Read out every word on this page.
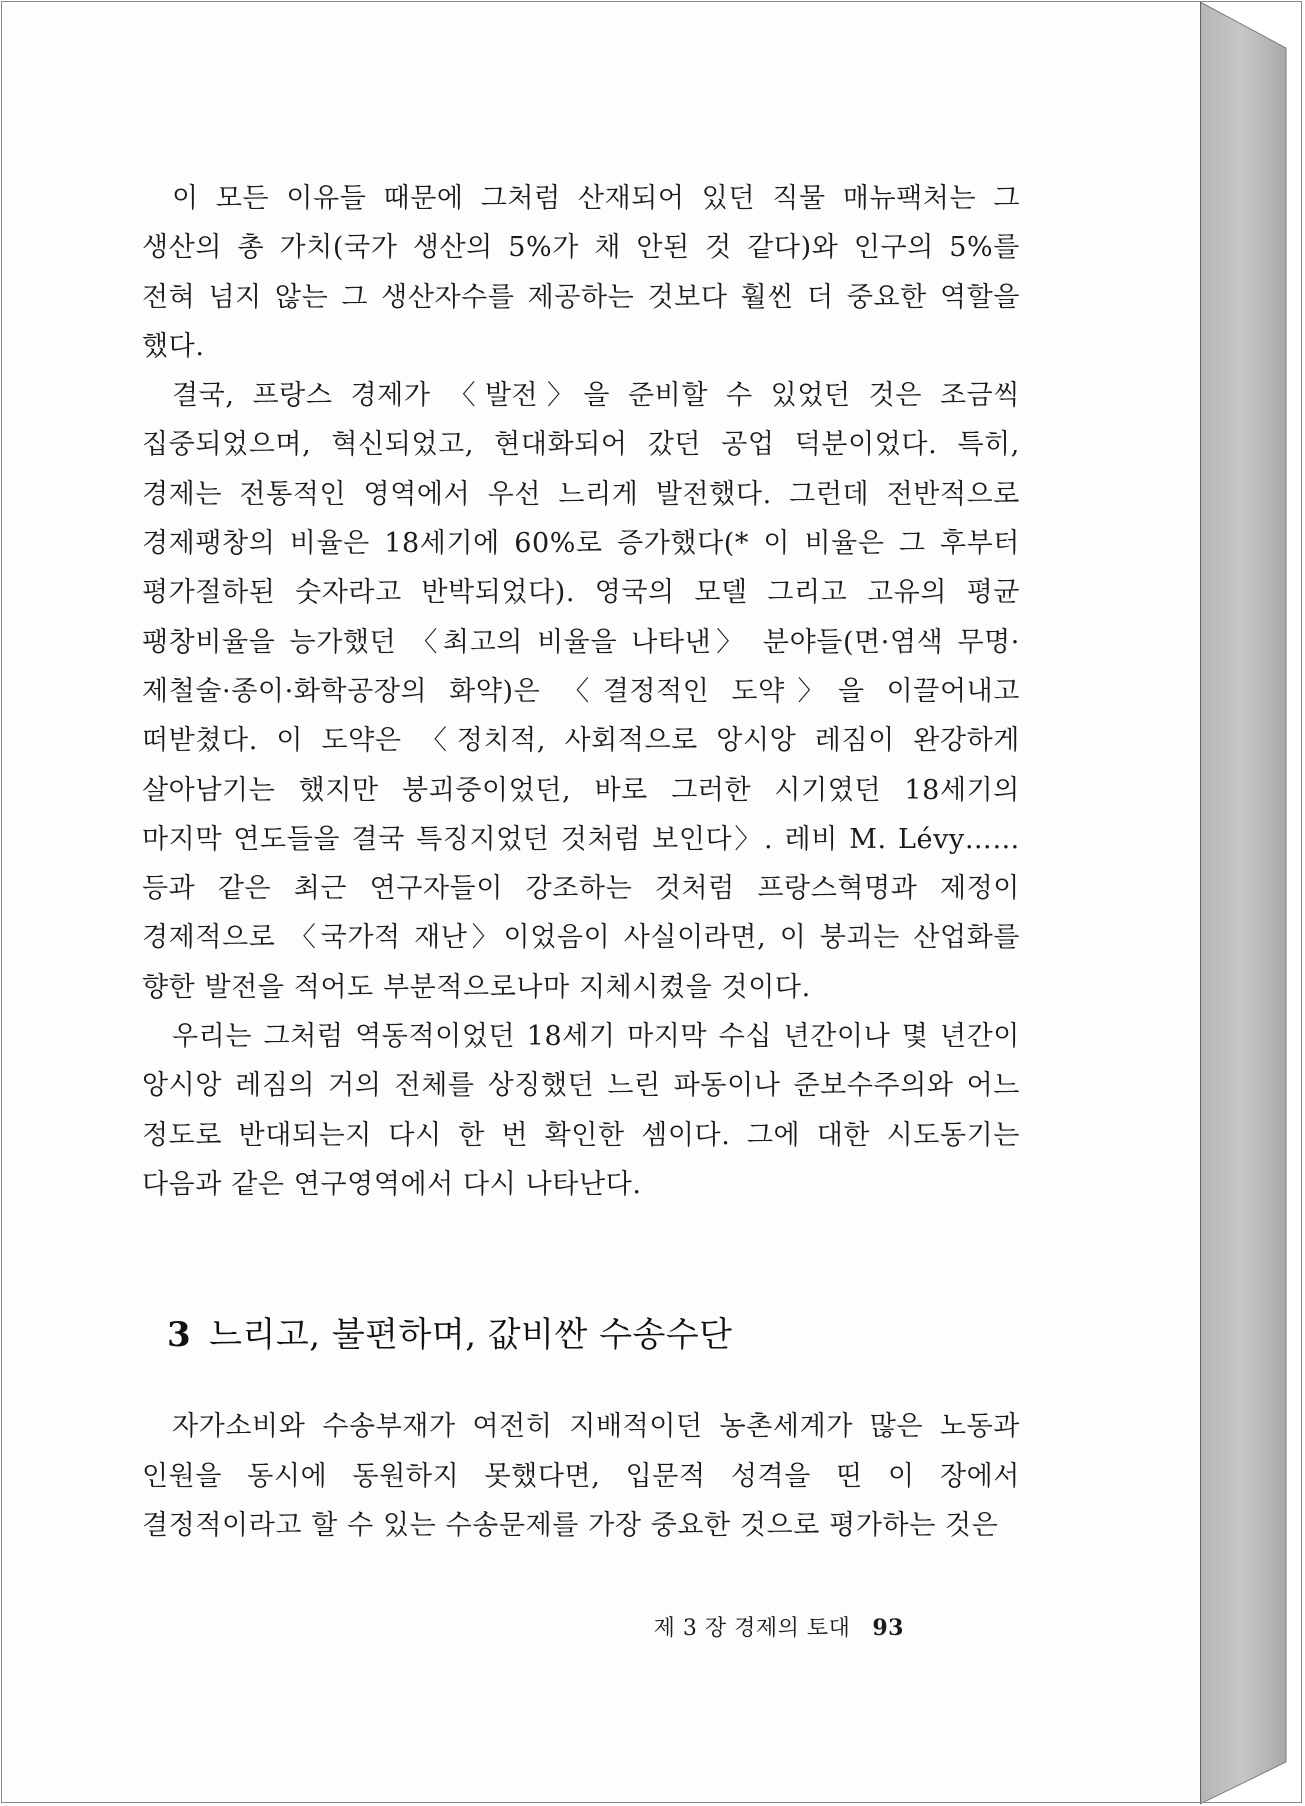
이 모든 이유들 때문에 그처럼 산재되어 있던 직물 매뉴팩처는 그 생산의 총 가치(국가 생산의 5%가 채 안된 것 같다)와 인구의 5%를 전혀 넘지 않는 그 생산자수를 제공하는 것보다 훨씬 더 중요한 역할을 했다.

결국, 프랑스 경제가 〈발전〉을 준비할 수 있었던 것은 조금씩 집중되었으며, 혁신되었고, 현대화되어 갔던 공업 덕분이었다. 특히, 경제는 전통적인 영역에서 우선 느리게 발전했다. 그런데 전반적으로 경제팽창의 비율은 18세기에 60%로 증가했다(* 이 비율은 그 후부터 평가절하된 숫자라고 반박되었다). 영국의 모델 그리고 고유의 평균 팽창비율을 능가했던 〈최고의 비율을 나타낸〉 분야들(면·염색 무명·제철술·종이·화학공장의 화약)은 〈결정적인 도약〉을 이끌어내고 떠받쳤다. 이 도약은 〈정치적, 사회적으로 앙시앙 레짐이 완강하게 살아남기는 했지만 붕괴중이었던, 바로 그러한 시기였던 18세기의 마지막 연도들을 결국 특징지었던 것처럼 보인다〉. 레비 M. Lévy…… 등과 같은 최근 연구자들이 강조하는 것처럼 프랑스혁명과 제정이 경제적으로 〈국가적 재난〉이었음이 사실이라면, 이 붕괴는 산업화를 향한 발전을 적어도 부분적으로나마 지체시켰을 것이다.

우리는 그처럼 역동적이었던 18세기 마지막 수십 년간이나 몇 년간이 앙시앙 레짐의 거의 전체를 상징했던 느린 파동이나 준보수주의와 어느 정도로 반대되는지 다시 한 번 확인한 셈이다. 그에 대한 시도동기는 다음과 같은 연구영역에서 다시 나타난다.

3 느리고, 불편하며, 값비싼 수송수단

자가소비와 수송부재가 여전히 지배적이던 농촌세계가 많은 노동과 인원을 동시에 동원하지 못했다면, 입문적 성격을 띤 이 장에서 결정적이라고 할 수 있는 수송문제를 가장 중요한 것으로 평가하는 것은

제 3 장 경제의 토대 93
